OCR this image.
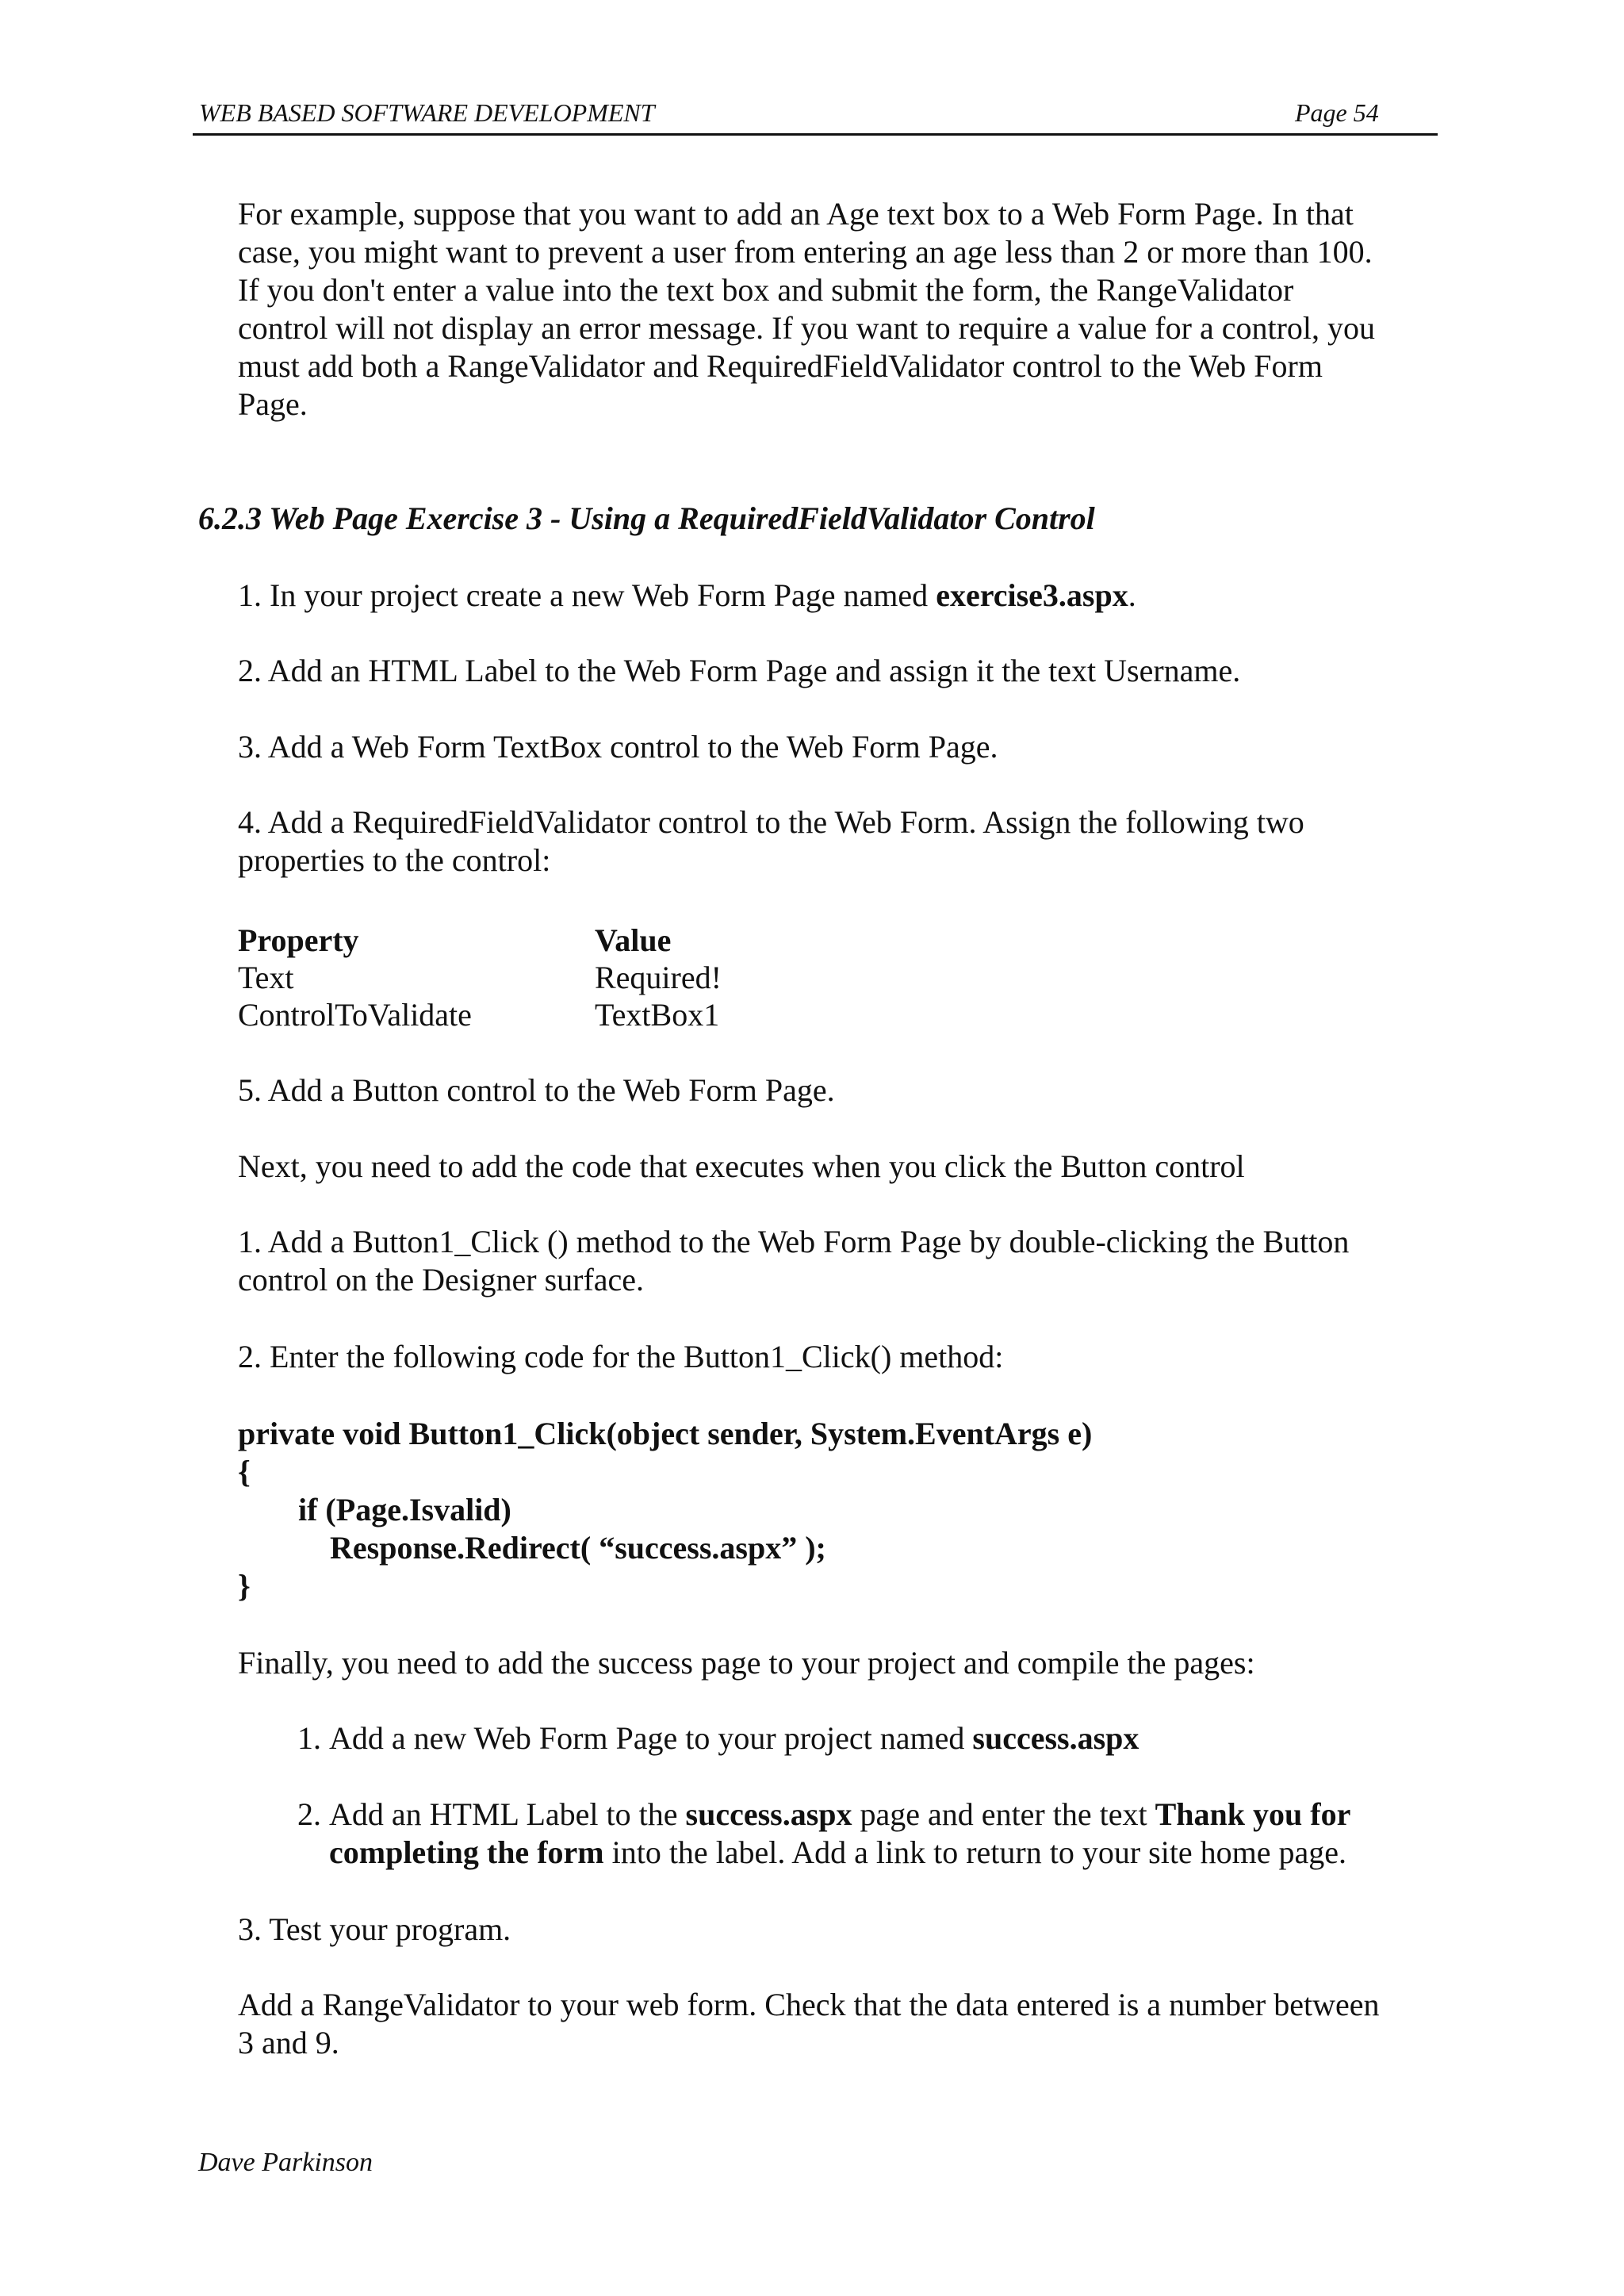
WEB BASED SOFTWARE DEVELOPMENT	Page 54
For example, suppose that you want to add an Age text box to a Web Form Page. In that
case, you might want to prevent a user from entering an age less than 2 or more than 100.
If you don't enter a value into the text box and submit the form, the RangeValidator
control will not display an error message. If you want to require a value for a control, you
must add both a RangeValidator and RequiredFieldValidator control to the Web Form
Page.
6.2.3 Web Page Exercise 3 - Using a RequiredFieldValidator Control
1. In your project create a new Web Form Page named exercise3.aspx.
2. Add an HTML Label to the Web Form Page and assign it the text Username.
3. Add a Web Form TextBox control to the Web Form Page.
4. Add a RequiredFieldValidator control to the Web Form. Assign the following two
properties to the control:
Property	Value
Text	Required!
ControlToValidate	TextBox1
5. Add a Button control to the Web Form Page.
Next, you need to add the code that executes when you click the Button control
1. Add a Button1_Click () method to the Web Form Page by double-clicking the Button
control on the Designer surface.
2. Enter the following code for the Button1_Click() method:
private void Button1_Click(object sender, System.EventArgs e)
{
if (Page.Isvalid)
Response.Redirect( “success.aspx” );
}
Finally, you need to add the success page to your project and compile the pages:
1. Add a new Web Form Page to your project named success.aspx
2. Add an HTML Label to the success.aspx page and enter the text Thank you for
completing the form into the label. Add a link to return to your site home page.
3. Test your program.
Add a RangeValidator to your web form. Check that the data entered is a number between
3 and 9.
Dave Parkinson
